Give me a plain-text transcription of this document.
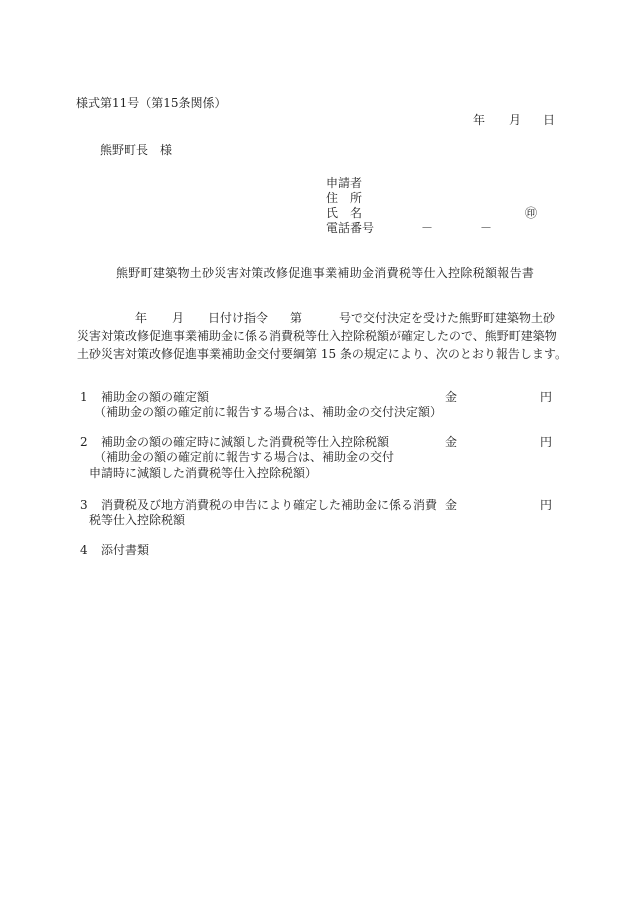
様式第11号（第15条関係）
年 月 日
熊野町長　様
申請者
住　所
氏　名	㊞
電話番号	－	－
熊野町建築物土砂災害対策改修促進事業補助金消費税等仕入控除税額報告書
年 月 日付け指令 第	号で交付決定を受けた熊野町建築物土砂
災害対策改修促進事業補助金に係る消費税等仕入控除税額が確定したので、熊野町建築物
土砂災害対策改修促進事業補助金交付要綱第 15 条の規定により、次のとおり報告します。
1 補助金の額の確定額	金	円
（補助金の額の確定前に報告する場合は、補助金の交付決定額）
2 補助金の額の確定時に減額した消費税等仕入控除税額	金	円
（補助金の額の確定前に報告する場合は、補助金の交付
申請時に減額した消費税等仕入控除税額）
3 消費税及び地方消費税の申告により確定した補助金に係る消費 金	円
税等仕入控除税額
4 添付書類
